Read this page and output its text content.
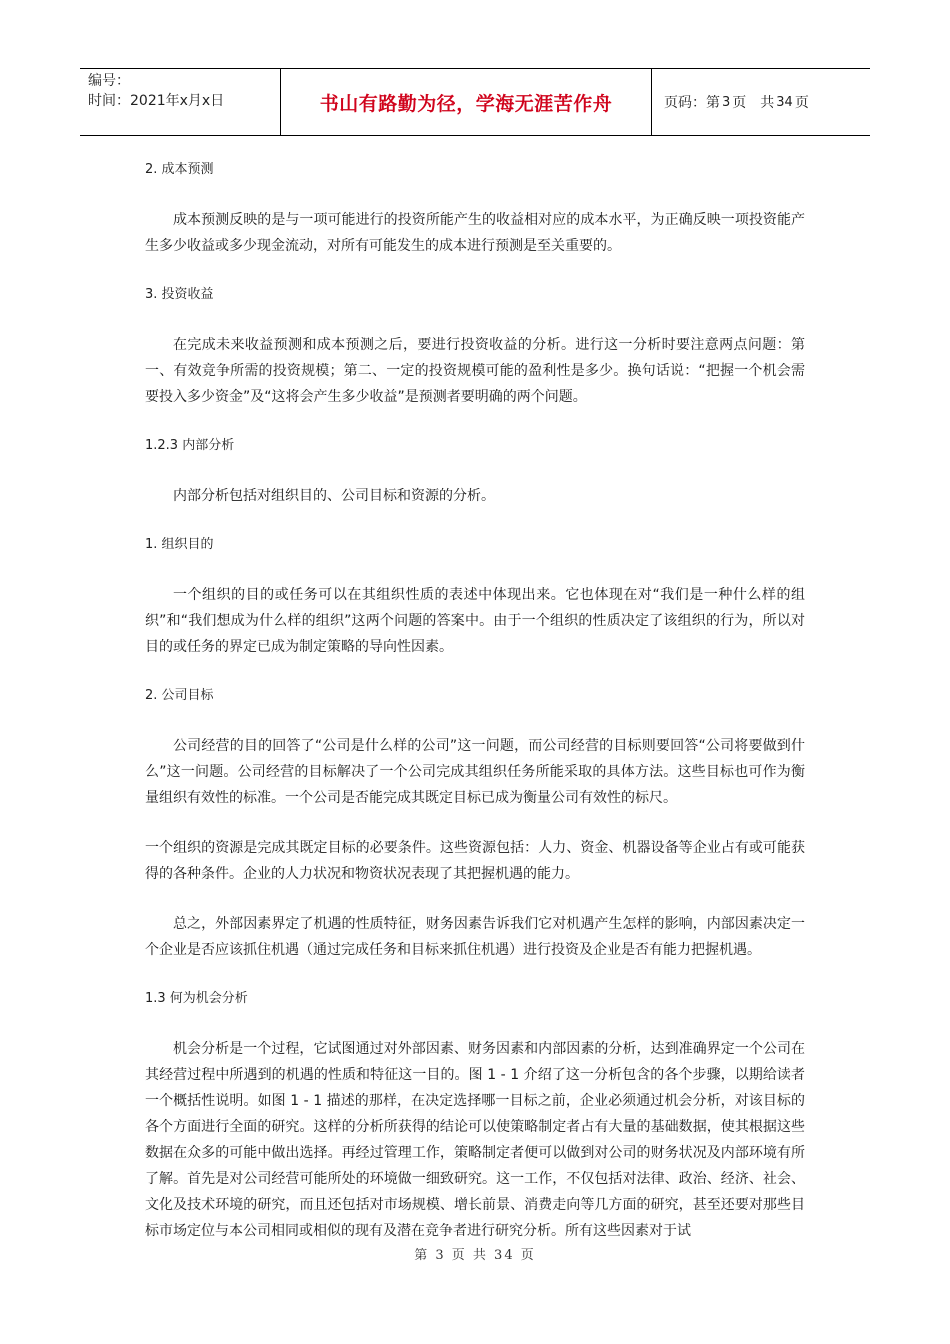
编号：
时间：2021年x月x日	书山有路勤为径，学海无涯苦作舟	页码：第 3 页 共 34 页
2. 成本预测
成本预测反映的是与一项可能进行的投资所能产生的收益相对应的成本水平，为正确反映一项投资能产生多少收益或多少现金流动，对所有可能发生的成本进行预测是至关重要的。
3. 投资收益
在完成未来收益预测和成本预测之后，要进行投资收益的分析。进行这一分析时要注意两点问题：第一、有效竞争所需的投资规模；第二、一定的投资规模可能的盈利性是多少。换句话说：“把握一个机会需要投入多少资金”及“这将会产生多少收益”是预测者要明确的两个问题。
1.2.3 内部分析
内部分析包括对组织目的、公司目标和资源的分析。
1. 组织目的
一个组织的目的或任务可以在其组织性质的表述中体现出来。它也体现在对“我们是一种什么样的组织”和“我们想成为什么样的组织”这两个问题的答案中。由于一个组织的性质决定了该组织的行为，所以对目的或任务的界定已成为制定策略的导向性因素。
2. 公司目标
公司经营的目的回答了“公司是什么样的公司”这一问题，而公司经营的目标则要回答“公司将要做到什么”这一问题。公司经营的目标解决了一个公司完成其组织任务所能采取的具体方法。这些目标也可作为衡量组织有效性的标准。一个公司是否能完成其既定目标已成为衡量公司有效性的标尺。
一个组织的资源是完成其既定目标的必要条件。这些资源包括：人力、资金、机器设备等企业占有或可能获得的各种条件。企业的人力状况和物资状况表现了其把握机遇的能力。
总之，外部因素界定了机遇的性质特征，财务因素告诉我们它对机遇产生怎样的影响，内部因素决定一个企业是否应该抓住机遇（通过完成任务和目标来抓住机遇）进行投资及企业是否有能力把握机遇。
1.3 何为机会分析
机会分析是一个过程，它试图通过对外部因素、财务因素和内部因素的分析，达到准确界定一个公司在其经营过程中所遇到的机遇的性质和特征这一目的。图 1 - 1 介绍了这一分析包含的各个步骤，以期给读者一个概括性说明。如图 1 - 1 描述的那样，在决定选择哪一目标之前，企业必须通过机会分析，对该目标的各个方面进行全面的研究。这样的分析所获得的结论可以使策略制定者占有大量的基础数据，使其根据这些数据在众多的可能中做出选择。再经过管理工作，策略制定者便可以做到对公司的财务状况及内部环境有所了解。首先是对公司经营可能所处的环境做一细致研究。这一工作，不仅包括对法律、政治、经济、社会、文化及技术环境的研究，而且还包括对市场规模、增长前景、消费走向等几方面的研究，甚至还要对那些目标市场定位与本公司相同或相似的现有及潜在竞争者进行研究分析。所有这些因素对于试
第 3 页 共 34 页
